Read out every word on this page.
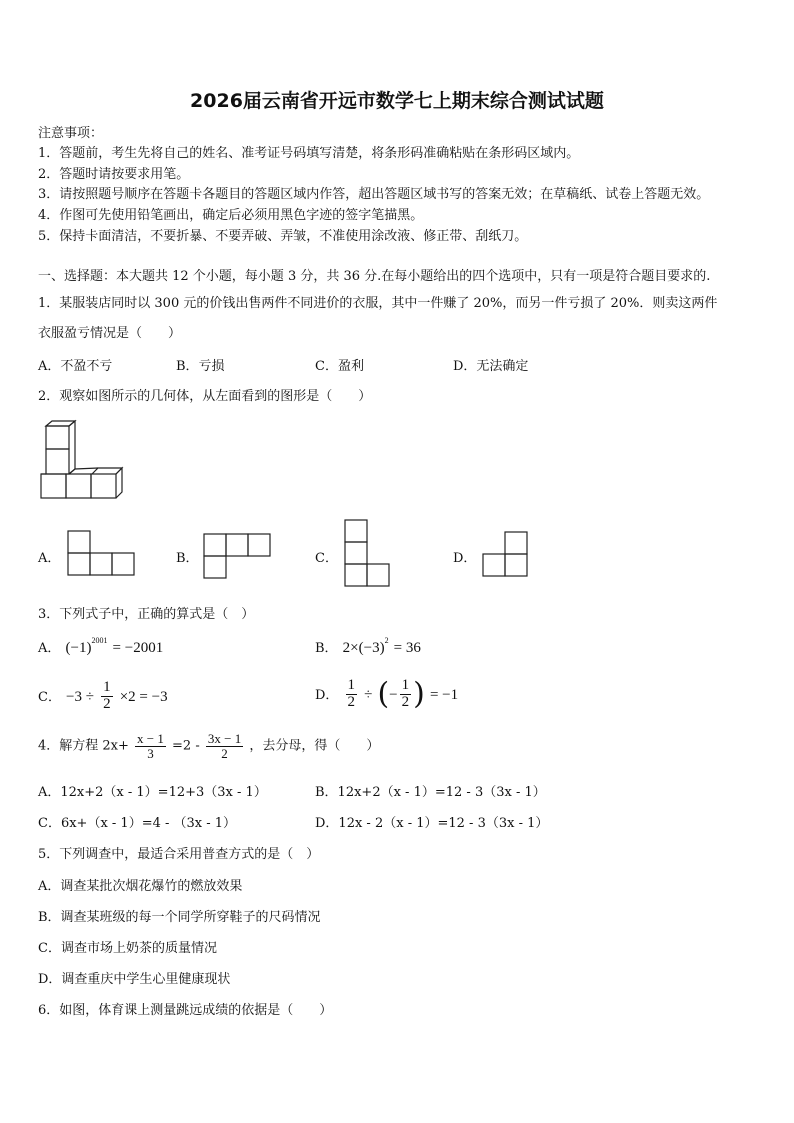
2026届云南省开远市数学七上期末综合测试试题
注意事项：
1．答题前，考生先将自己的姓名、准考证号码填写清楚，将条形码准确粘贴在条形码区域内。
2．答题时请按要求用笔。
3．请按照题号顺序在答题卡各题目的答题区域内作答，超出答题区域书写的答案无效；在草稿纸、试卷上答题无效。
4．作图可先使用铅笔画出，确定后必须用黑色字迹的签字笔描黑。
5．保持卡面清洁，不要折暴、不要弄破、弄皱，不准使用涂改液、修正带、刮纸刀。
一、选择题：本大题共 12 个小题，每小题 3 分，共 36 分.在每小题给出的四个选项中，只有一项是符合题目要求的.
1．某服装店同时以 300 元的价钱出售两件不同进价的衣服，其中一件赚了 20%，而另一件亏损了 20%．则卖这两件
衣服盈亏情况是（　　）
A．不盈不亏	B．亏损	C．盈利	D．无法确定
2．观察如图所示的几何体，从左面看到的图形是（　　）
A．	B．	C．	D．
3．下列式子中，正确的算式是（　）
A． $(-1)^{2001} = -2001$	B． $2\times(-3)^2 = 36$
C． $-3 \div \frac{1}{2} \times 2 = -3$	D． $\frac{1}{2}$ ÷ (− $\frac{1}{2}$ ) = −1
4．解方程 $2x+ \frac{x - 1}{3} =2 - \frac{3x - 1}{2}$ ，去分母，得（　　）
A．12x+2（x - 1）=12+3（3x - 1）	B．12x+2（x - 1）=12 - 3（3x - 1）
C．6x+（x - 1）=4 - （3x - 1）	D．12x - 2（x - 1）=12 - 3（3x - 1）
5．下列调查中，最适合采用普查方式的是（　）
A．调查某批次烟花爆竹的燃放效果
B．调查某班级的每一个同学所穿鞋子的尺码情况
C．调查市场上奶茶的质量情况
D．调查重庆中学生心里健康现状
6．如图，体育课上测量跳远成绩的依据是（　　）
